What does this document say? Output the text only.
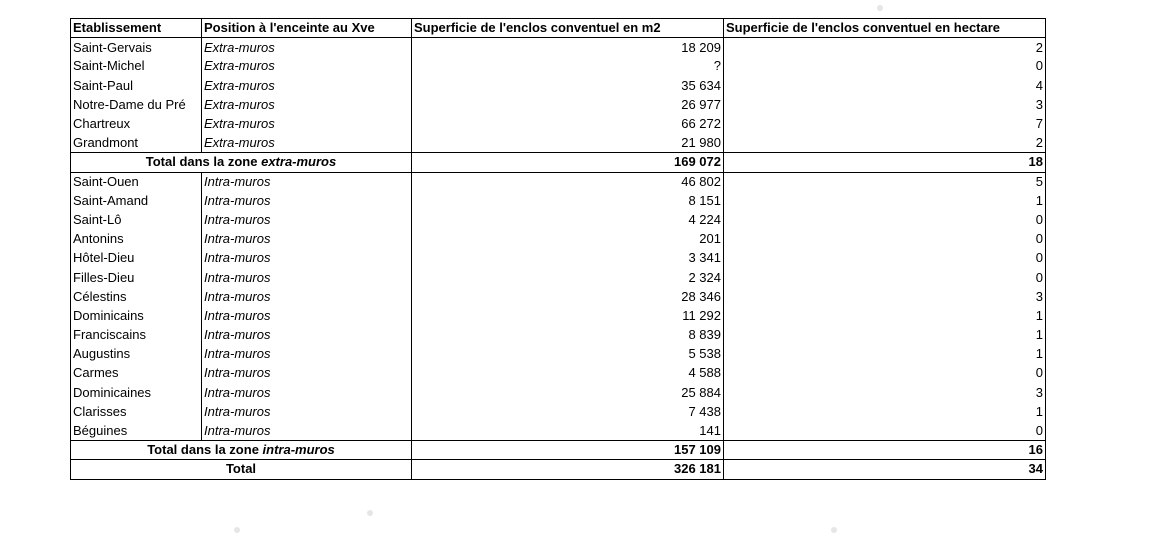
Etablissement	Position à l'enceinte au Xve	Superficie de l'enclos conventuel en m2	Superficie de l'enclos conventuel en hectare
Saint-Gervais	Extra-muros	18 209	2
Saint-Michel	Extra-muros	?	0
Saint-Paul	Extra-muros	35 634	4
Notre-Dame du Pré	Extra-muros	26 977	3
Chartreux	Extra-muros	66 272	7
Grandmont	Extra-muros	21 980	2
Total dans la zone extra-muros		169 072	18
Saint-Ouen	Intra-muros	46 802	5
Saint-Amand	Intra-muros	8 151	1
Saint-Lô	Intra-muros	4 224	0
Antonins	Intra-muros	201	0
Hôtel-Dieu	Intra-muros	3 341	0
Filles-Dieu	Intra-muros	2 324	0
Célestins	Intra-muros	28 346	3
Dominicains	Intra-muros	11 292	1
Franciscains	Intra-muros	8 839	1
Augustins	Intra-muros	5 538	1
Carmes	Intra-muros	4 588	0
Dominicaines	Intra-muros	25 884	3
Clarisses	Intra-muros	7 438	1
Béguines	Intra-muros	141	0
Total dans la zone intra-muros		157 109	16
Total		326 181	34
